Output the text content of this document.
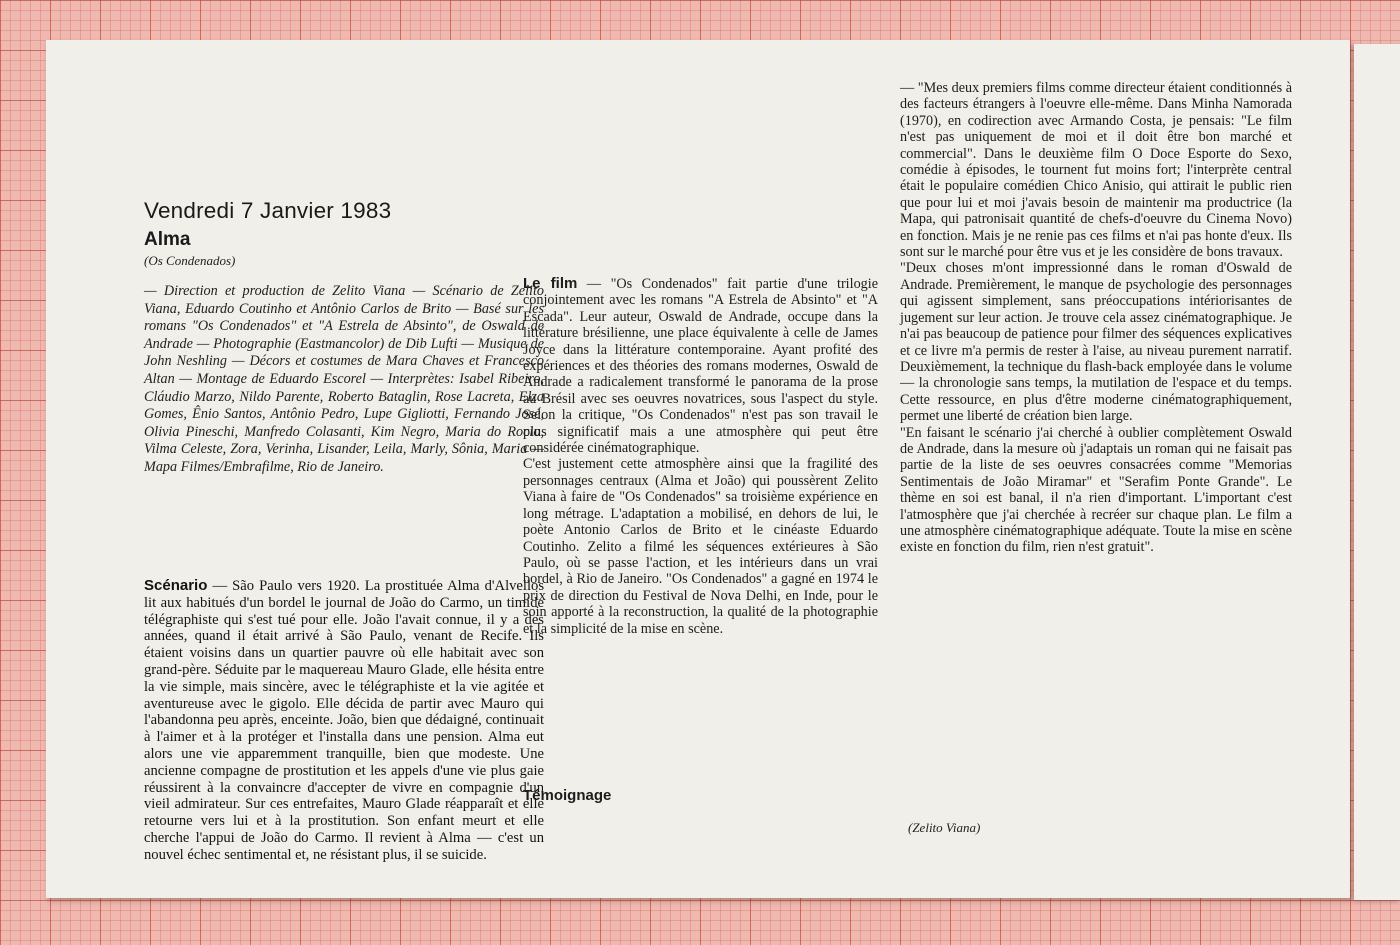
Vendredi 7 Janvier 1983
Alma
(Os Condenados)
— Direction et production de Zelito Viana — Scénario de Zelito Viana, Eduardo Coutinho et Antônio Carlos de Brito — Basé sur les romans "Os Condenados" et "A Estrela de Absinto", de Oswald de Andrade — Photographie (Eastmancolor) de Dib Lufti — Musique de John Neshling — Décors et costumes de Mara Chaves et Francesco Altan — Montage de Eduardo Escorel — Interprètes: Isabel Ribeiro, Cláudio Marzo, Nildo Parente, Roberto Bataglin, Rose Lacreta, Elza Gomes, Ênio Santos, Antônio Pedro, Lupe Gigliotti, Fernando José, Olivia Pineschi, Manfredo Colasanti, Kim Negro, Maria do Rocio, Vilma Celeste, Zora, Verinha, Lisander, Leila, Marly, Sônia, Maria — Mapa Filmes/Embrafilme, Rio de Janeiro.
Scénario — São Paulo vers 1920. La prostituée Alma d'Alvellos lit aux habitués d'un bordel le journal de João do Carmo, un timide télégraphiste qui s'est tué pour elle. João l'avait connue, il y a des années, quand il était arrivé à São Paulo, venant de Recife. Ils étaient voisins dans un quartier pauvre où elle habitait avec son grand-père. Séduite par le maquereau Mauro Glade, elle hésita entre la vie simple, mais sincère, avec le télégraphiste et la vie agitée et aventureuse avec le gigolo. Elle décida de partir avec Mauro qui l'abandonna peu après, enceinte. João, bien que dédaigné, continuait à l'aimer et à la protéger et l'installa dans une pension. Alma eut alors une vie apparemment tranquille, bien que modeste. Une ancienne compagne de prostitution et les appels d'une vie plus gaie réussirent à la convaincre d'accepter de vivre en compagnie d'un vieil admirateur. Sur ces entrefaites, Mauro Glade réapparaît et elle retourne vers lui et à la prostitution. Son enfant meurt et elle cherche l'appui de João do Carmo. Il revient à Alma — c'est un nouvel échec sentimental et, ne résistant plus, il se suicide.
Le film — "Os Condenados" fait partie d'une trilogie conjointement avec les romans "A Estrela de Absinto" et "A Escada". Leur auteur, Oswald de Andrade, occupe dans la littérature brésilienne, une place équivalente à celle de James Joyce dans la littérature contemporaine. Ayant profité des expériences et des théories des romans modernes, Oswald de Andrade a radicalement transformé le panorama de la prose au Brésil avec ses oeuvres novatrices, sous l'aspect du style. Selon la critique, "Os Condenados" n'est pas son travail le plus significatif mais a une atmosphère qui peut être considérée cinématographique.
C'est justement cette atmosphère ainsi que la fragilité des personnages centraux (Alma et João) qui poussèrent Zelito Viana à faire de "Os Condenados" sa troisième expérience en long métrage. L'adaptation a mobilisé, en dehors de lui, le poète Antonio Carlos de Brito et le cinéaste Eduardo Coutinho. Zelito a filmé les séquences extérieures à São Paulo, où se passe l'action, et les intérieurs dans un vrai bordel, à Rio de Janeiro. "Os Condenados" a gagné en 1974 le prix de direction du Festival de Nova Delhi, en Inde, pour le soin apporté à la reconstruction, la qualité de la photographie et la simplicité de la mise en scène.
Témoignage
— "Mes deux premiers films comme directeur étaient conditionnés à des facteurs étrangers à l'oeuvre elle-même. Dans Minha Namorada (1970), en codirection avec Armando Costa, je pensais: "Le film n'est pas uniquement de moi et il doit être bon marché et commercial". Dans le deuxième film O Doce Esporte do Sexo, comédie à épisodes, le tournent fut moins fort; l'interprète central était le populaire comédien Chico Anisio, qui attirait le public rien que pour lui et moi j'avais besoin de maintenir ma productrice (la Mapa, qui patronisait quantité de chefs-d'oeuvre du Cinema Novo) en fonction. Mais je ne renie pas ces films et n'ai pas honte d'eux. Ils sont sur le marché pour être vus et je les considère de bons travaux.
"Deux choses m'ont impressionné dans le roman d'Oswald de Andrade. Premièrement, le manque de psychologie des personnages qui agissent simplement, sans préoccupations intériorisantes de jugement sur leur action. Je trouve cela assez cinématographique. Je n'ai pas beaucoup de patience pour filmer des séquences explicatives et ce livre m'a permis de rester à l'aise, au niveau purement narratif. Deuxièmement, la technique du flash-back employée dans le volume — la chronologie sans temps, la mutilation de l'espace et du temps. Cette ressource, en plus d'être moderne cinématographiquement, permet une liberté de création bien large.
"En faisant le scénario j'ai cherché à oublier complètement Oswald de Andrade, dans la mesure où j'adaptais un roman qui ne faisait pas partie de la liste de ses oeuvres consacrées comme "Memorias Sentimentais de João Miramar" et "Serafim Ponte Grande". Le thème en soi est banal, il n'a rien d'important. L'important c'est l'atmosphère que j'ai cherchée à recréer sur chaque plan. Le film a une atmosphère cinématographique adéquate. Toute la mise en scène existe en fonction du film, rien n'est gratuit".
(Zelito Viana)
